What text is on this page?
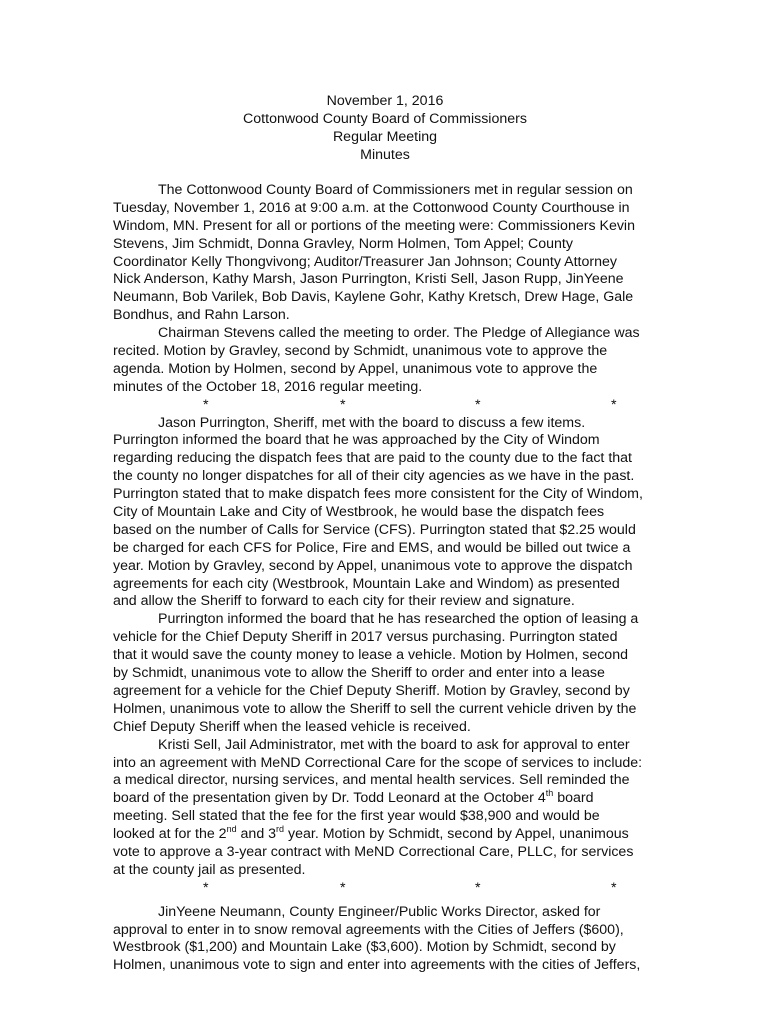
November 1, 2016
Cottonwood County Board of Commissioners
Regular Meeting
Minutes
The Cottonwood County Board of Commissioners met in regular session on
Tuesday, November 1, 2016 at 9:00 a.m. at the Cottonwood County Courthouse in
Windom, MN. Present for all or portions of the meeting were: Commissioners Kevin
Stevens, Jim Schmidt, Donna Gravley, Norm Holmen, Tom Appel; County
Coordinator Kelly Thongvivong; Auditor/Treasurer Jan Johnson; County Attorney
Nick Anderson, Kathy Marsh, Jason Purrington, Kristi Sell, Jason Rupp, JinYeene
Neumann, Bob Varilek, Bob Davis, Kaylene Gohr, Kathy Kretsch, Drew Hage, Gale
Bondhus, and Rahn Larson.
Chairman Stevens called the meeting to order. The Pledge of Allegiance was
recited. Motion by Gravley, second by Schmidt, unanimous vote to approve the
agenda. Motion by Holmen, second by Appel, unanimous vote to approve the
minutes of the October 18, 2016 regular meeting.
*	*	*	*
Jason Purrington, Sheriff, met with the board to discuss a few items.
Purrington informed the board that he was approached by the City of Windom
regarding reducing the dispatch fees that are paid to the county due to the fact that
the county no longer dispatches for all of their city agencies as we have in the past.
Purrington stated that to make dispatch fees more consistent for the City of Windom,
City of Mountain Lake and City of Westbrook, he would base the dispatch fees
based on the number of Calls for Service (CFS). Purrington stated that $2.25 would
be charged for each CFS for Police, Fire and EMS, and would be billed out twice a
year. Motion by Gravley, second by Appel, unanimous vote to approve the dispatch
agreements for each city (Westbrook, Mountain Lake and Windom) as presented
and allow the Sheriff to forward to each city for their review and signature.
Purrington informed the board that he has researched the option of leasing a
vehicle for the Chief Deputy Sheriff in 2017 versus purchasing. Purrington stated
that it would save the county money to lease a vehicle. Motion by Holmen, second
by Schmidt, unanimous vote to allow the Sheriff to order and enter into a lease
agreement for a vehicle for the Chief Deputy Sheriff. Motion by Gravley, second by
Holmen, unanimous vote to allow the Sheriff to sell the current vehicle driven by the
Chief Deputy Sheriff when the leased vehicle is received.
Kristi Sell, Jail Administrator, met with the board to ask for approval to enter
into an agreement with MeND Correctional Care for the scope of services to include:
a medical director, nursing services, and mental health services. Sell reminded the
board of the presentation given by Dr. Todd Leonard at the October 4th board
meeting. Sell stated that the fee for the first year would $38,900 and would be
looked at for the 2nd and 3rd year. Motion by Schmidt, second by Appel, unanimous
vote to approve a 3-year contract with MeND Correctional Care, PLLC, for services
at the county jail as presented.
*	*	*	*
JinYeene Neumann, County Engineer/Public Works Director, asked for
approval to enter in to snow removal agreements with the Cities of Jeffers ($600),
Westbrook ($1,200) and Mountain Lake ($3,600). Motion by Schmidt, second by
Holmen, unanimous vote to sign and enter into agreements with the cities of Jeffers,
